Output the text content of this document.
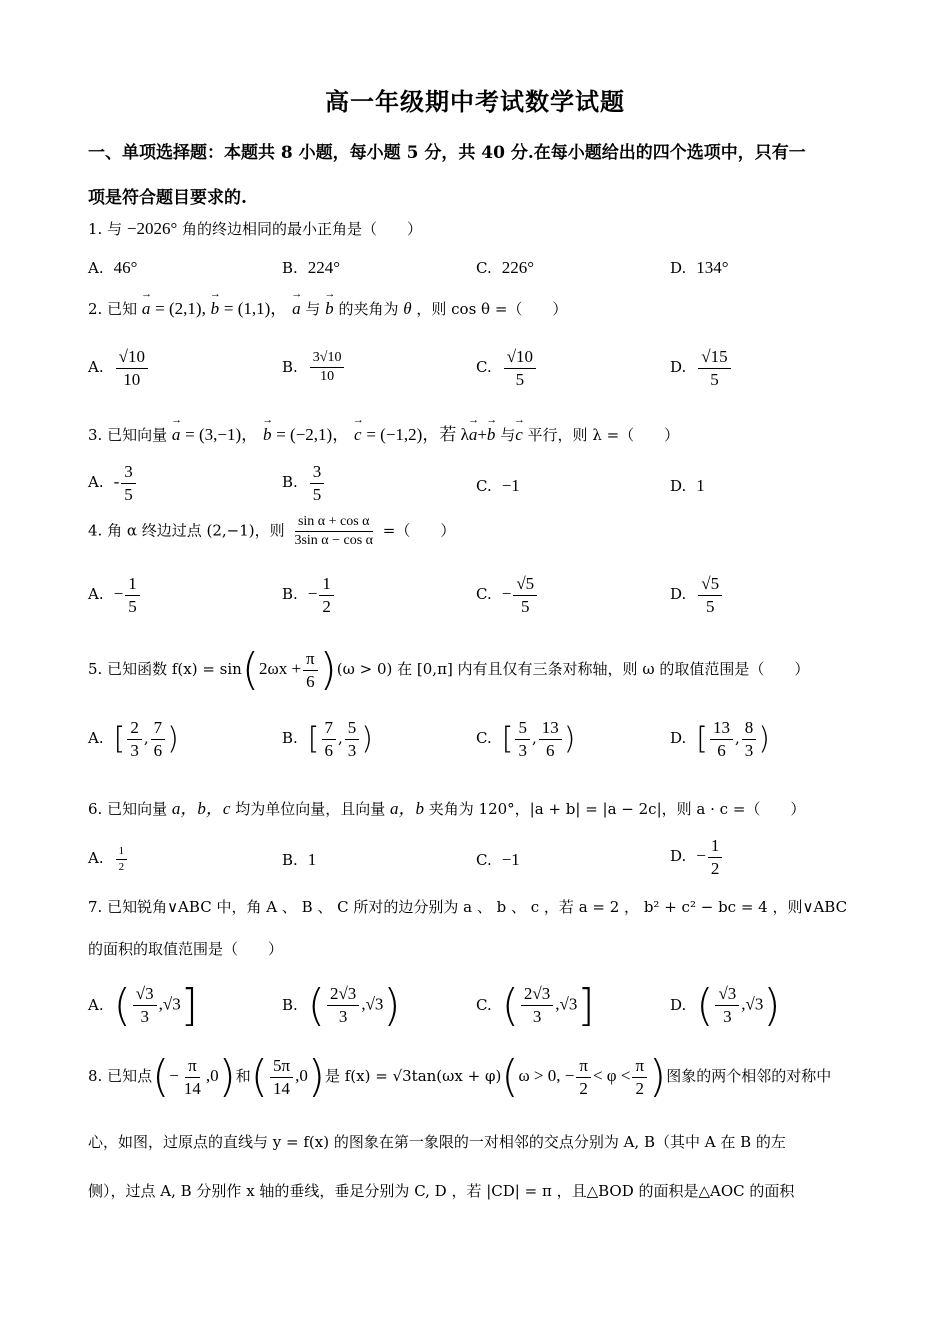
高一年级期中考试数学试题
一、单项选择题：本题共 8 小题，每小题 5 分，共 40 分.在每小题给出的四个选项中，只有一
项是符合题目要求的.
1. 与 −2026° 角的终边相同的最小正角是（　　）
A. 46°	B. 224°	C. 226°	D. 134°
2. 已知 → a = (2,1), → b = (1,1)， → a 与 → b 的夹角为 θ ，则 cos θ =（　　）
A. $\frac{√10}{10}$	B. $\frac{3√10}{10}$	C. $\frac{√10}{5}$	D. $\frac{√15}{5}$
3. 已知向量 → a = (3,−1)， → b = (−2,1)， → c = (−1,2)，若 λ→ a+→ b 与→ c 平行，则 λ =（　　）
A. - $\frac{3}{5}$	B. $\frac{3}{5}$	C. −1	D. 1
4. 角 α 终边过点 (2,−1)，则 $\frac{\text{sin α + cos α}}{\text{3sin α − cos α}}$ =（　　）
A. − $\frac{1}{5}$	B. − $\frac{1}{2}$	C. − $\frac{√5}{5}$	D. $\frac{√5}{5}$
5. 已知函数 $f(x) = \sin(2\omega x + \frac{\pi}{6} )(\omega > 0)$ 在 [0,π] 内有且仅有三条对称轴，则 ω 的取值范围是（　　）
A. [ $\frac{2}{3}$ , $\frac{7}{6}$ )	B. [ $\frac{7}{6}$ , $\frac{5}{3}$ )	C. [ $\frac{5}{3}$ , $\frac{13}{6}$ )	D. [ $\frac{13}{6}$ , $\frac{8}{3}$ )
6. 已知向量 a，b，c 均为单位向量，且向量 a，b 夹角为 120°，|a + b| = |a − 2c|，则 a · c =（　　）
A. $\frac{1}{2}$	B. 1	C. −1	D. − $\frac{1}{2}$
7. 已知锐角∨ABC 中，角 A 、 B 、 C 所对的边分别为 a 、 b 、 c ，若 a = 2 ， b² + c² − bc = 4 ，则∨ABC
的面积的取值范围是（　　）
A. ( $\frac{√3}{3} ,√3$]	B. ( $\frac{2√3}{3} ,√3$)	C. ( $\frac{2√3}{3} ,√3$]	D. ( $\frac{√3}{3} ,√3$)
8. 已知点(− $\frac{\pi}{14} ,0$)和( $\frac{5\pi}{14} ,0$)是 f(x) = √3tan(ωx + φ)(ω > 0, − $\frac{\pi}{2} < \varphi < \frac{\pi}{2}$ )图象的两个相邻的对称中
心，如图，过原点的直线与 y = f(x) 的图象在第一象限的一对相邻的交点分别为 A, B（其中 A 在 B 的左
侧），过点 A, B 分别作 x 轴的垂线，垂足分别为 C, D ，若 |CD| = π ，且△BOD 的面积是△AOC 的面积
